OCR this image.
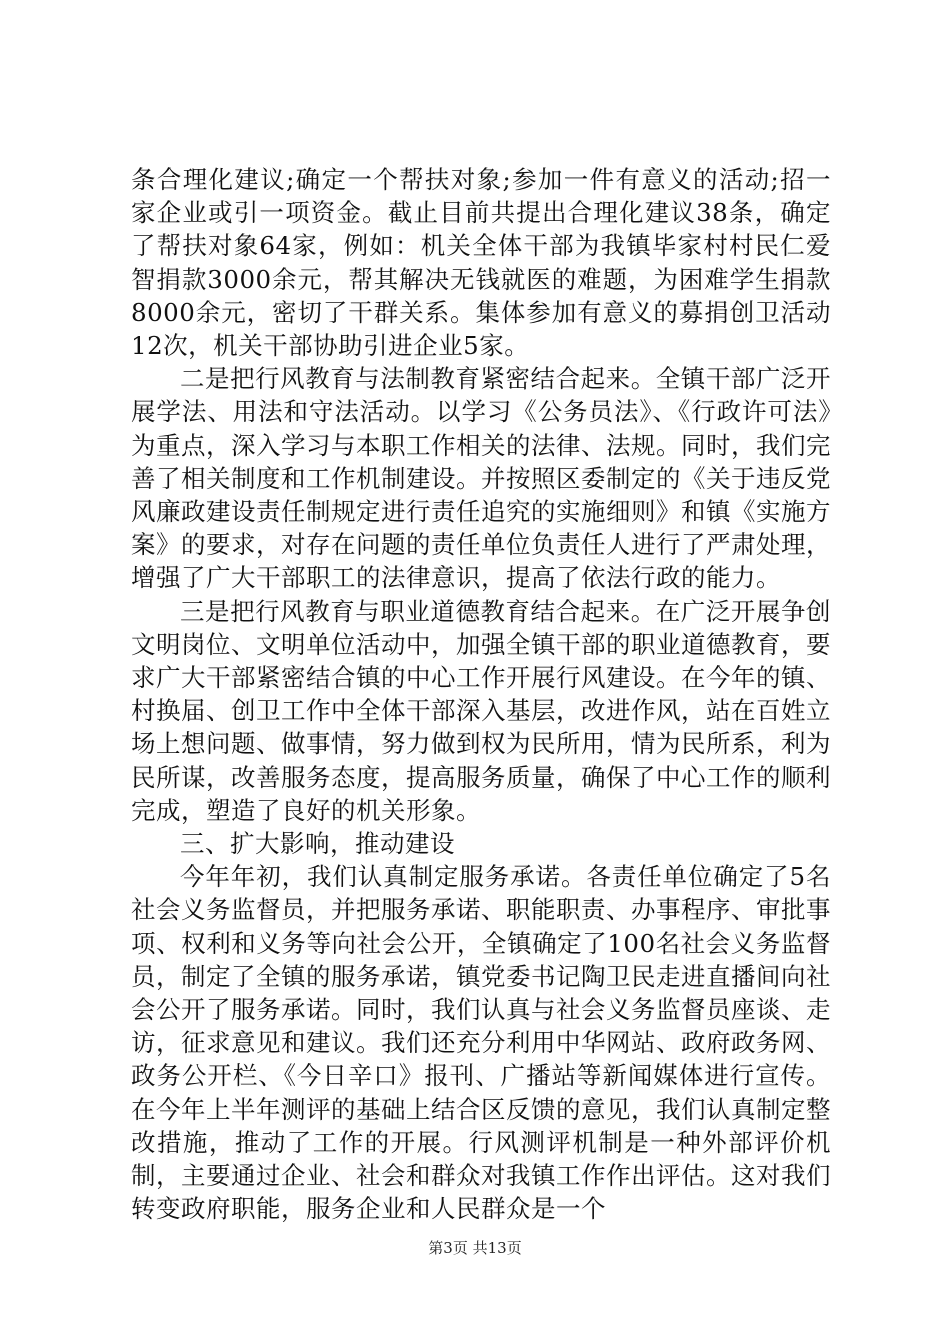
条合理化建议;确定一个帮扶对象;参加一件有意义的活动;招一家企业或引一项资金。截止目前共提出合理化建议38条，确定了帮扶对象64家，例如：机关全体干部为我镇毕家村村民仁爱智捐款3000余元，帮其解决无钱就医的难题，为困难学生捐款8000余元，密切了干群关系。集体参加有意义的募捐创卫活动12次，机关干部协助引进企业5家。

二是把行风教育与法制教育紧密结合起来。全镇干部广泛开展学法、用法和守法活动。以学习《公务员法》、《行政许可法》为重点，深入学习与本职工作相关的法律、法规。同时，我们完善了相关制度和工作机制建设。并按照区委制定的《关于违反党风廉政建设责任制规定进行责任追究的实施细则》和镇《实施方案》的要求，对存在问题的责任单位负责任人进行了严肃处理，增强了广大干部职工的法律意识，提高了依法行政的能力。

三是把行风教育与职业道德教育结合起来。在广泛开展争创文明岗位、文明单位活动中，加强全镇干部的职业道德教育，要求广大干部紧密结合镇的中心工作开展行风建设。在今年的镇、村换届、创卫工作中全体干部深入基层，改进作风，站在百姓立场上想问题、做事情，努力做到权为民所用，情为民所系，利为民所谋，改善服务态度，提高服务质量，确保了中心工作的顺利完成，塑造了良好的机关形象。

三、扩大影响，推动建设

今年年初，我们认真制定服务承诺。各责任单位确定了5名社会义务监督员，并把服务承诺、职能职责、办事程序、审批事项、权利和义务等向社会公开，全镇确定了100名社会义务监督员，制定了全镇的服务承诺，镇党委书记陶卫民走进直播间向社会公开了服务承诺。同时，我们认真与社会义务监督员座谈、走访，征求意见和建议。我们还充分利用中华网站、政府政务网、政务公开栏、《今日辛口》报刊、广播站等新闻媒体进行宣传。在今年上半年测评的基础上结合区反馈的意见，我们认真制定整改措施，推动了工作的开展。行风测评机制是一种外部评价机制，主要通过企业、社会和群众对我镇工作作出评估。这对我们转变政府职能，服务企业和人民群众是一个

第3页 共13页
